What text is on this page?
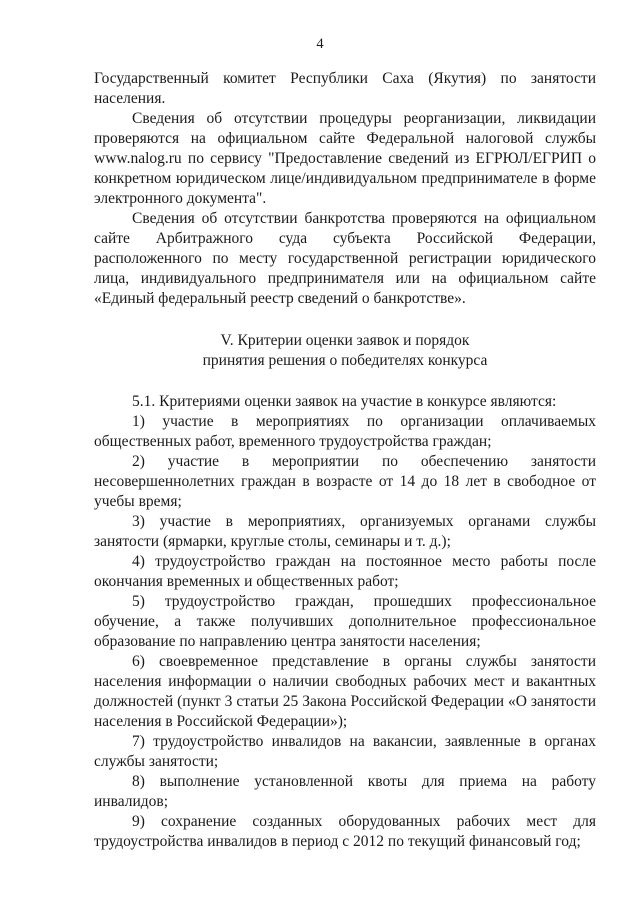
4

Государственный комитет Республики Саха (Якутия) по занятости населения.

Сведения об отсутствии процедуры реорганизации, ликвидации проверяются на официальном сайте Федеральной налоговой службы www.nalog.ru по сервису "Предоставление сведений из ЕГРЮЛ/ЕГРИП о конкретном юридическом лице/индивидуальном предпринимателе в форме электронного документа".

Сведения об отсутствии банкротства проверяются на официальном сайте Арбитражного суда субъекта Российской Федерации, расположенного по месту государственной регистрации юридического лица, индивидуального предпринимателя или на официальном сайте «Единый федеральный реестр сведений о банкротстве».

V. Критерии оценки заявок и порядок
принятия решения о победителях конкурса

5.1. Критериями оценки заявок на участие в конкурсе являются:

1) участие в мероприятиях по организации оплачиваемых общественных работ, временного трудоустройства граждан;

2) участие в мероприятии по обеспечению занятости несовершеннолетних граждан в возрасте от 14 до 18 лет в свободное от учебы время;

3) участие в мероприятиях, организуемых органами службы занятости (ярмарки, круглые столы, семинары и т. д.);

4) трудоустройство граждан на постоянное место работы после окончания временных и общественных работ;

5) трудоустройство граждан, прошедших профессиональное обучение, а также получивших дополнительное профессиональное образование по направлению центра занятости населения;

6) своевременное представление в органы службы занятости населения информации о наличии свободных рабочих мест и вакантных должностей (пункт 3 статьи 25 Закона Российской Федерации «О занятости населения в Российской Федерации»);

7) трудоустройство инвалидов на вакансии, заявленные в органах службы занятости;

8) выполнение установленной квоты для приема на работу инвалидов;

9) сохранение созданных оборудованных рабочих мест для трудоустройства инвалидов в период с 2012 по текущий финансовый год;
